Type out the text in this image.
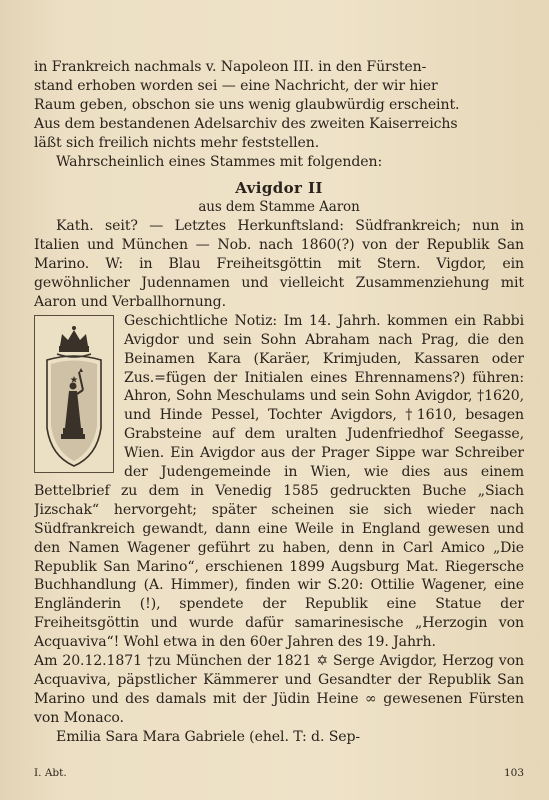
in Frankreich nachmals v. Napoleon III. in den Fürsten-

stand erhoben worden sei — eine Nachricht, der wir hier

Raum geben, obschon sie uns wenig glaubwürdig erscheint.

Aus dem bestandenen Adelsarchiv des zweiten Kaiserreichs

läßt sich freilich nichts mehr feststellen.

Wahrscheinlich eines Stammes mit folgenden:

Avigdor II

aus dem Stamme Aaron

Kath. seit? — Letztes Herkunftsland: Südfrankreich; nun in Italien und München — Nob. nach 1860(?) von der Republik San Marino. W: in Blau Freiheitsgöttin mit Stern. Vigdor, ein gewöhnlicher Judennamen und vielleicht Zusammenziehung mit Aaron und Verballhornung.

Geschichtliche Notiz: Im 14. Jahrh. kommen ein Rabbi Avigdor und sein Sohn Abraham nach Prag, die den Beinamen Kara (Karäer, Krimjuden, Kassaren oder Zus.=fügen der Initialen eines Ehrennamens?) führen: Ahron, Sohn Meschulams und sein Sohn Avigdor, †1620, und Hinde Pessel, Tochter Avigdors, †1610, besagen Grabsteine auf dem uralten Judenfriedhof Seegasse, Wien. Ein Avigdor aus der Prager Sippe war Schreiber der Judengemeinde in Wien, wie dies aus einem Bettelbrief zu dem in Venedig 1585 gedruckten Buche „Siach Jizschak“ hervorgeht; später scheinen sie sich wieder nach Südfrankreich gewandt, dann eine Weile in England gewesen und den Namen Wagener geführt zu haben, denn in Carl Amico „Die Republik San Marino“, erschienen 1899 Augsburg Mat. Riegersche Buchhandlung (A. Himmer), finden wir S.20: Ottilie Wagener, eine Engländerin (!), spendete der Republik eine Statue der Freiheitsgöttin und wurde dafür samarinesische „Herzogin von Acquaviva“! Wohl etwa in den 60er Jahren des 19. Jahrh.

Am 20.12.1871 †zu München der 1821 ✡ Serge Avigdor, Herzog von Acquaviva, päpstlicher Kämmerer und Gesandter der Republik San Marino und des damals mit der Jüdin Heine ∞ gewesenen Fürsten von Monaco.

Emilia Sara Mara Gabriele (ehel. T: d. Sep-

I. Abt.	103
